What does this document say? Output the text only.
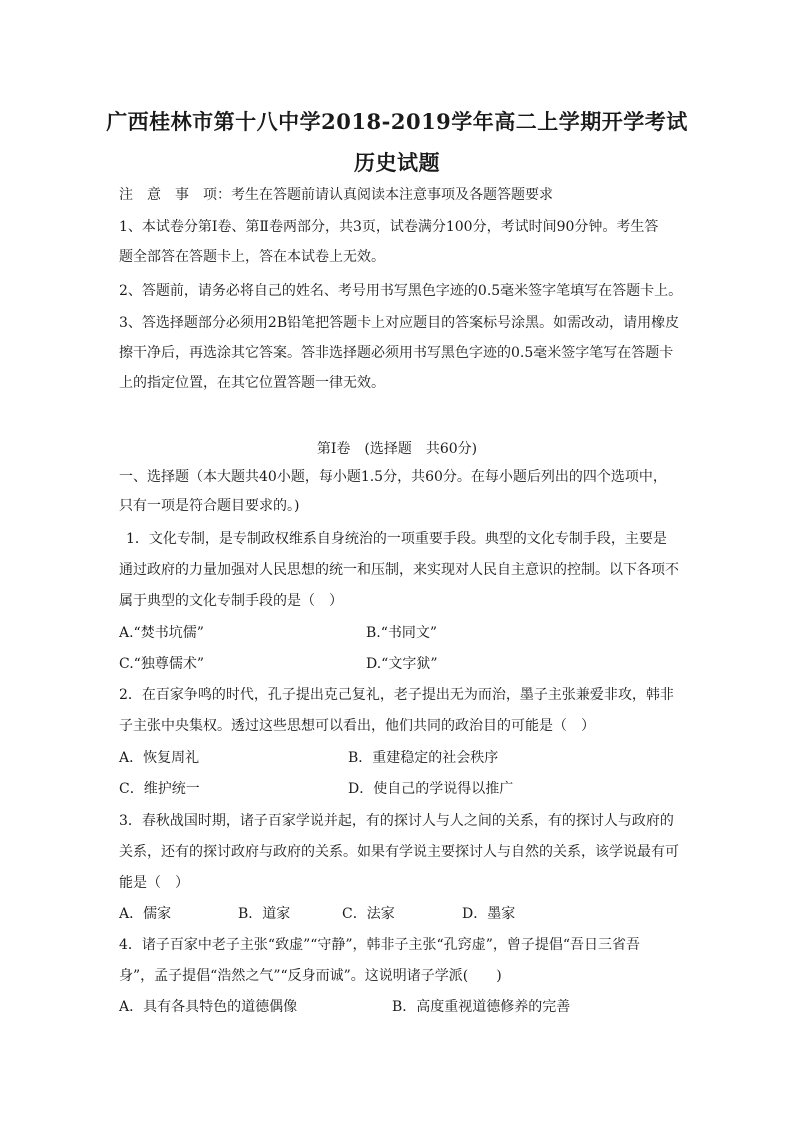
广西桂林市第十八中学2018-2019学年高二上学期开学考试
历史试题
注　意　事　项：考生在答题前请认真阅读本注意事项及各题答题要求
1、本试卷分第Ⅰ卷、第Ⅱ卷两部分，共3页，试卷满分100分，考试时间90分钟。考生答
题全部答在答题卡上，答在本试卷上无效。
2、答题前，请务必将自己的姓名、考号用书写黑色字迹的0.5毫米签字笔填写在答题卡上。
3、答选择题部分必须用2B铅笔把答题卡上对应题目的答案标号涂黑。如需改动，请用橡皮
擦干净后，再选涂其它答案。答非选择题必须用书写黑色字迹的0.5毫米签字笔写在答题卡
上的指定位置，在其它位置答题一律无效。
第Ⅰ卷　(选择题　共60分)
一、选择题（本大题共40小题，每小题1.5分，共60分。在每小题后列出的四个选项中，
只有一项是符合题目要求的。)
1．文化专制，是专制政权维系自身统治的一项重要手段。典型的文化专制手段，主要是
通过政府的力量加强对人民思想的统一和压制，来实现对人民自主意识的控制。以下各项不
属于典型的文化专制手段的是（　）
A.“焚书坑儒”	B.“书同文”
C.“独尊儒术”	D.“文字狱”
2．在百家争鸣的时代，孔子提出克己复礼，老子提出无为而治，墨子主张兼爱非攻，韩非
子主张中央集权。透过这些思想可以看出，他们共同的政治目的可能是（　）
A．恢复周礼	B．重建稳定的社会秩序
C．维护统一	D．使自己的学说得以推广
3．春秋战国时期，诸子百家学说并起，有的探讨人与人之间的关系，有的探讨人与政府的
关系，还有的探讨政府与政府的关系。如果有学说主要探讨人与自然的关系，该学说最有可
能是（　）
A．儒家	B．道家	C．法家	D．墨家
4．诸子百家中老子主张“致虚”“守静”，韩非子主张“孔窍虚”，曾子提倡“吾日三省吾
身”，孟子提倡“浩然之气”“反身而诚”。这说明诸子学派(　　)
A．具有各具特色的道德偶像	B．高度重视道德修养的完善
